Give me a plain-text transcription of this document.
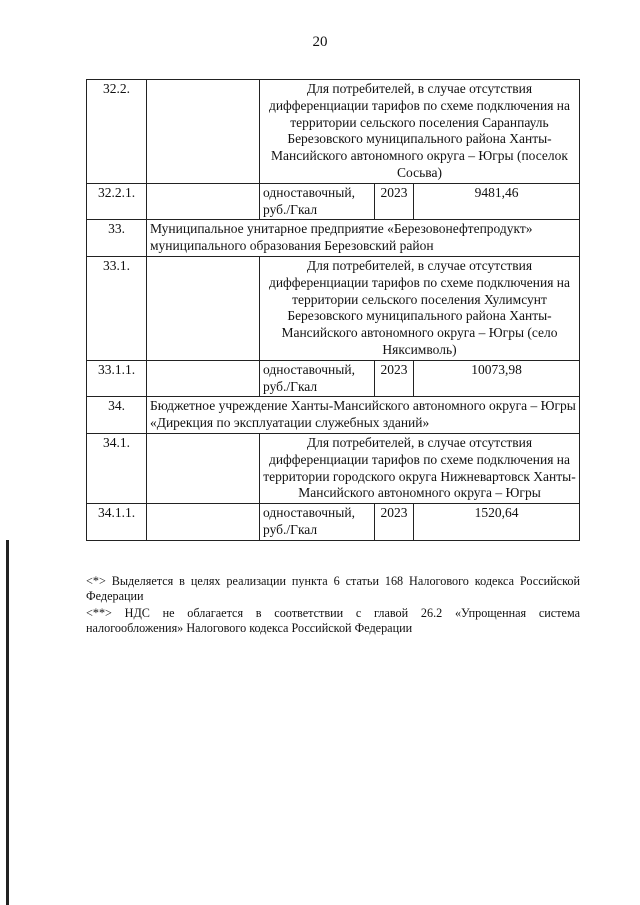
20
32.2.		Для потребителей, в случае отсутствия дифференциации тарифов по схеме подключения на территории сельского поселения Саранпауль Березовского муниципального района Ханты-Мансийского автономного округа – Югры (поселок Сосьва)		
32.2.1.		одноставочный, руб./Гкал	2023	9481,46
33.	Муниципальное унитарное предприятие «Березовонефтепродукт» муниципального образования Березовский район			
33.1.		Для потребителей, в случае отсутствия дифференциации тарифов по схеме подключения на территории сельского поселения Хулимсунт Березовского муниципального района Ханты-Мансийского автономного округа – Югры (село Няксимволь)		
33.1.1.		одноставочный, руб./Гкал	2023	10073,98
34.	Бюджетное учреждение Ханты-Мансийского автономного округа – Югры «Дирекция по эксплуатации служебных зданий»			
34.1.		Для потребителей, в случае отсутствия дифференциации тарифов по схеме подключения на территории городского округа Нижневартовск Ханты-Мансийского автономного округа – Югры		
34.1.1.		одноставочный, руб./Гкал	2023	1520,64

<*> Выделяется в целях реализации пункта 6 статьи 168 Налогового кодекса Российской Федерации

<**> НДС не облагается в соответствии с главой 26.2 «Упрощенная система налогообложения» Налогового кодекса Российской Федерации
